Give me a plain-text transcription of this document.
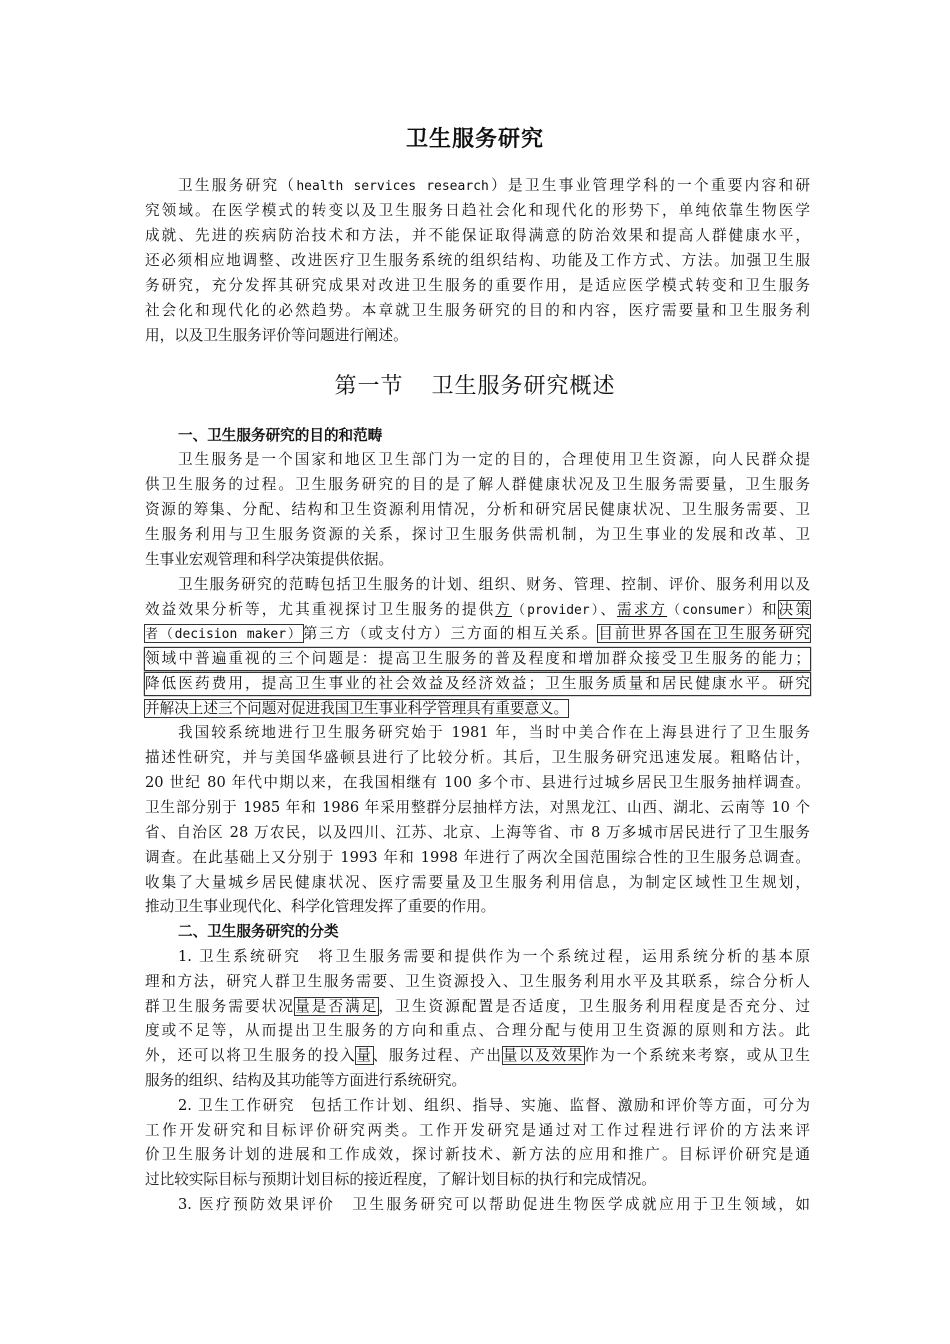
卫生服务研究
卫生服务研究（health services research）是卫生事业管理学科的一个重要内容和研
究领域。在医学模式的转变以及卫生服务日趋社会化和现代化的形势下，单纯依靠生物医学
成就、先进的疾病防治技术和方法，并不能保证取得满意的防治效果和提高人群健康水平，
还必须相应地调整、改进医疗卫生服务系统的组织结构、功能及工作方式、方法。加强卫生服
务研究，充分发挥其研究成果对改进卫生服务的重要作用，是适应医学模式转变和卫生服务
社会化和现代化的必然趋势。本章就卫生服务研究的目的和内容，医疗需要量和卫生服务利
用，以及卫生服务评价等问题进行阐述。
第一节 卫生服务研究概述
一、卫生服务研究的目的和范畴
卫生服务是一个国家和地区卫生部门为一定的目的，合理使用卫生资源，向人民群众提
供卫生服务的过程。卫生服务研究的目的是了解人群健康状况及卫生服务需要量，卫生服务
资源的筹集、分配、结构和卫生资源利用情况，分析和研究居民健康状况、卫生服务需要、卫
生服务利用与卫生服务资源的关系，探讨卫生服务供需机制，为卫生事业的发展和改革、卫
生事业宏观管理和科学决策提供依据。
卫生服务研究的范畴包括卫生服务的计划、组织、财务、管理、控制、评价、服务利用以及
效益效果分析等，尤其重视探讨卫生服务的提供方（provider）、需求方（consumer）和决策
者（decision maker）第三方（或支付方）三方面的相互关系。目前世界各国在卫生服务研究
领域中普遍重视的三个问题是：提高卫生服务的普及程度和增加群众接受卫生服务的能力；
降低医药费用，提高卫生事业的社会效益及经济效益；卫生服务质量和居民健康水平。研究
并解决上述三个问题对促进我国卫生事业科学管理具有重要意义。
我国较系统地进行卫生服务研究始于 1981 年，当时中美合作在上海县进行了卫生服务
描述性研究，并与美国华盛顿县进行了比较分析。其后，卫生服务研究迅速发展。粗略估计，
20 世纪 80 年代中期以来，在我国相继有 100 多个市、县进行过城乡居民卫生服务抽样调查。
卫生部分别于 1985 年和 1986 年采用整群分层抽样方法，对黑龙江、山西、湖北、云南等 10 个
省、自治区 28 万农民，以及四川、江苏、北京、上海等省、市 8 万多城市居民进行了卫生服务
调查。在此基础上又分别于 1993 年和 1998 年进行了两次全国范围综合性的卫生服务总调查。
收集了大量城乡居民健康状况、医疗需要量及卫生服务利用信息，为制定区域性卫生规划，
推动卫生事业现代化、科学化管理发挥了重要的作用。
二、卫生服务研究的分类
1. 卫生系统研究　将卫生服务需要和提供作为一个系统过程，运用系统分析的基本原
理和方法，研究人群卫生服务需要、卫生资源投入、卫生服务利用水平及其联系，综合分析人
群卫生服务需要状况量是否满足，卫生资源配置是否适度，卫生服务利用程度是否充分、过
度或不足等，从而提出卫生服务的方向和重点、合理分配与使用卫生资源的原则和方法。此
外，还可以将卫生服务的投入量、服务过程、产出量以及效果作为一个系统来考察，或从卫生
服务的组织、结构及其功能等方面进行系统研究。
2. 卫生工作研究　包括工作计划、组织、指导、实施、监督、激励和评价等方面，可分为
工作开发研究和目标评价研究两类。工作开发研究是通过对工作过程进行评价的方法来评
价卫生服务计划的进展和工作成效，探讨新技术、新方法的应用和推广。目标评价研究是通
过比较实际目标与预期计划目标的接近程度，了解计划目标的执行和完成情况。
3. 医疗预防效果评价　卫生服务研究可以帮助促进生物医学成就应用于卫生领域，如
